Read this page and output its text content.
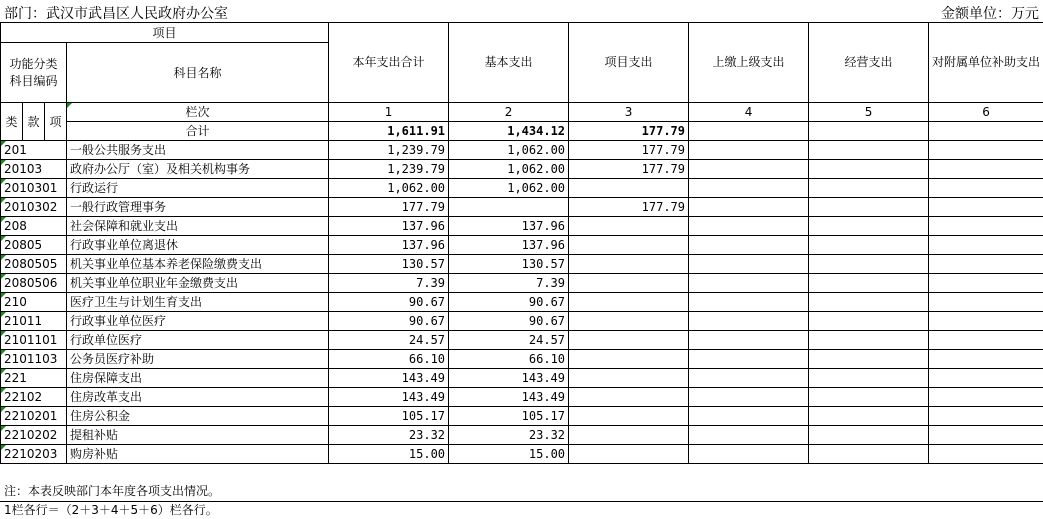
部门：武汉市武昌区人民政府办公室	金额单位：万元
项目				本年支出合计	基本支出	项目支出	上缴上级支出	经营支出	对附属单位补助支出
功能分类科目编码			科目名称						
类	款	项	栏次	1	2	3	4	5	6
			合计	1,611.91	1,434.12	177.79			
201			一般公共服务支出	1,239.79	1,062.00	177.79			
20103			政府办公厅（室）及相关机构事务	1,239.79	1,062.00	177.79			
2010301			行政运行	1,062.00	1,062.00				
2010302			一般行政管理事务	177.79		177.79			
208			社会保障和就业支出	137.96	137.96				
20805			行政事业单位离退休	137.96	137.96				
2080505			机关事业单位基本养老保险缴费支出	130.57	130.57				
2080506			机关事业单位职业年金缴费支出	7.39	7.39				
210			医疗卫生与计划生育支出	90.67	90.67				
21011			行政事业单位医疗	90.67	90.67				
2101101			行政单位医疗	24.57	24.57				
2101103			公务员医疗补助	66.10	66.10				
221			住房保障支出	143.49	143.49				
22102			住房改革支出	143.49	143.49				
2210201			住房公积金	105.17	105.17				
2210202			提租补贴	23.32	23.32				
2210203			购房补贴	15.00	15.00				
注：本表反映部门本年度各项支出情况。
1栏各行＝（2＋3＋4＋5＋6）栏各行。
